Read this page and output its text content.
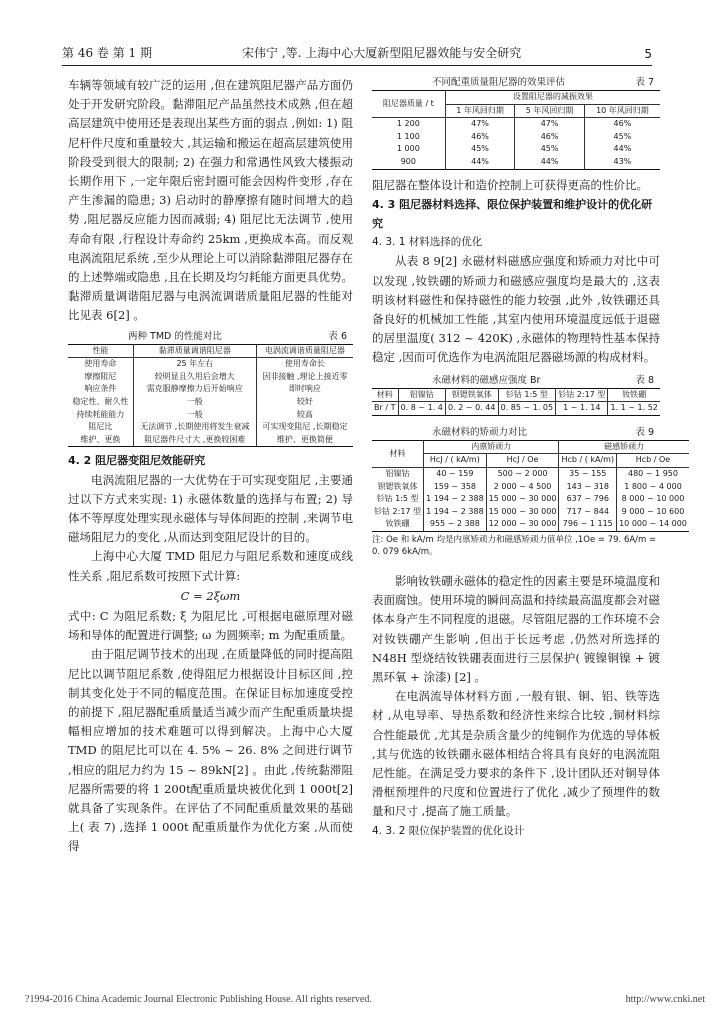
第 46 卷 第 1 期	宋伟宁 ,等. 上海中心大厦新型阻尼器效能与安全研究	5

车辆等领域有较广泛的运用 ,但在建筑阻尼器产品方面仍处于开发研究阶段。黏滞阻尼产品虽然技术成熟 ,但在超高层建筑中使用还是表现出某些方面的弱点 ,例如: 1) 阻尼杆件尺度和重量较大 ,其运输和搬运在超高层建筑使用阶段受到很大的限制; 2) 在强力和常遇性风致大楼振动长期作用下 ,一定年限后密封圈可能会因构件变形 ,存在产生渗漏的隐患; 3) 启动时的静摩擦有随时间增大的趋势 ,阻尼器反应能力因而减弱; 4) 阻尼比无法调节 ,使用寿命有限 ,行程设计寿命约 25km ,更换成本高。而反观电涡流阻尼系统 ,至少从理论上可以消除黏滞阻尼器存在的上述弊端或隐患 ,且在长期及均匀耗能方面更具优势。黏滞质量调谐阻尼器与电涡流调谐质量阻尼器的性能对比见表 6[2] 。

两种 TMD 的性能对比	表 6
性能	黏滞质量调谐阻尼器	电涡流调谐质量阻尼器
使用寿命	25 年左右	使用寿命长
摩擦阻尼	较明显且久用后会增大	因非接触 ,理论上接近零
响应条件	需克服静摩擦力后开始响应	即时响应
稳定性、耐久性	一般	较好
持续耗能能力	一般	较高
阻尼比	无法调节 ,长期使用将发生衰减	可实现变阻尼 ,长期稳定
维护、更换	阻尼器件尺寸大 ,更换较困难	维护、更换简便

4. 2 阻尼器变阻尼效能研究

电涡流阻尼器的一大优势在于可实现变阻尼 ,主要通过以下方式来实现: 1) 永磁体数量的选择与布置; 2) 导体不等厚度处理实现永磁体与导体间距的控制 ,来调节电磁场阻尼力的变化 ,从而达到变阻尼设计的目的。

上海中心大厦 TMD 阻尼力与阻尼系数和速度成线性关系 ,阻尼系数可按照下式计算:

C = 2ξωm

式中: C 为阻尼系数; ξ 为阻尼比 ,可根据电磁原理对磁场和导体的配置进行调整; ω 为圆频率; m 为配重质量。

由于阻尼调节技术的出现 ,在质量降低的同时提高阻尼比以调节阻尼系数 ,使得阻尼力根据设计目标区间 ,控制其变化处于不同的幅度范围。在保证目标加速度受控的前提下 ,阻尼器配重质量适当减少而产生配重质量块提幅相应增加的技术难题可以得到解决。上海中心大厦 TMD 的阻尼比可以在 4. 5% ~ 26. 8% 之间进行调节 ,相应的阻尼力约为 15 ~ 89kN[2] 。由此 ,传统黏滞阻尼器所需要的将 1 200t配重质量块被优化到 1 000t[2] 就具备了实现条件。在评估了不同配重质量效果的基础上( 表 7) ,选择 1 000t 配重质量作为优化方案 ,从而使得

不同配重质量阻尼器的效果评估	表 7
阻尼器质量 / t	设置阻尼器的减振效果		
	1 年风回归期	5 年风回归期	10 年风回归期
1 200	47%	47%	46%
1 100	46%	46%	45%
1 000	45%	45%	44%
900	44%	44%	43%

阻尼器在整体设计和造价控制上可获得更高的性价比。

4. 3 阻尼器材料选择、限位保护装置和维护设计的优化研究

4. 3. 1 材料选择的优化

从表 8 9[2] 永磁材料磁感应强度和矫顽力对比中可以发现 ,钕铁硼的矫顽力和磁感应强度均是最大的 ,这表明该材料磁性和保持磁性的能力较强 ,此外 ,钕铁硼还具备良好的机械加工性能 ,其室内使用环境温度远低于退磁的居里温度( 312 ~ 420K) ,永磁体的物理特性基本保持稳定 ,因而可优选作为电涡流阻尼器磁场源的构成材料。

永磁材料的磁感应强度 Br	表 8
材料	铝镍钴	钡锶铁氧体	钐钴 1:5 型	钐钴 2:17 型	钕铁硼
Br / T	0. 8 ~ 1. 4	0. 2 ~ 0. 44	0. 85 ~ 1. 05	1 ~ 1. 14	1. 1 ~ 1. 52
永磁材料的矫顽力对比	表 9
材料	内禀矫顽力		磁感矫顽力	
	HcJ / ( kA/m)	HcJ / Oe	Hcb / ( kA/m)	Hcb / Oe
铝镍钴	40 ~ 159	500 ~ 2 000	35 ~ 155	480 ~ 1 950
钡锶铁氧体	159 ~ 358	2 000 ~ 4 500	143 ~ 318	1 800 ~ 4 000
钐钴 1:5 型	1 194 ~ 2 388	15 000 ~ 30 000	637 ~ 796	8 000 ~ 10 000
钐钴 2:17 型	1 194 ~ 2 388	15 000 ~ 30 000	717 ~ 844	9 000 ~ 10 600
钕铁硼	955 ~ 2 388	12 000 ~ 30 000	796 ~ 1 115	10 000 ~ 14 000

注: Oe 和 kA/m 均是内禀矫顽力和磁感矫顽力值单位 ,1Oe = 79. 6A/m = 0. 079 6kA/m。

影响钕铁硼永磁体的稳定性的因素主要是环境温度和表面腐蚀。使用环境的瞬间高温和持续最高温度都会对磁体本身产生不同程度的退磁。尽管阻尼器的工作环境不会对钕铁硼产生影响 ,但出于长远考虑 ,仍然对所选择的 N48H 型烧结钕铁硼表面进行三层保护( 镀镍铜镍 + 镀黑环氧 + 涂漆) [2] 。

在电涡流导体材料方面 ,一般有银、铜、铝、铁等选材 ,从电导率、导热系数和经济性来综合比较 ,铜材料综合性能最优 ,尤其是杂质含量少的纯铜作为优选的导体板 ,其与优选的钕铁硼永磁体相结合将具有良好的电涡流阻尼性能。在满足受力要求的条件下 ,设计团队还对铜导体滑框预埋件的尺度和位置进行了优化 ,减少了预埋件的数量和尺寸 ,提高了施工质量。

4. 3. 2 限位保护装置的优化设计

?1994-2016 China Academic Journal Electronic Publishing House. All rights reserved.	http://www.cnki.net
